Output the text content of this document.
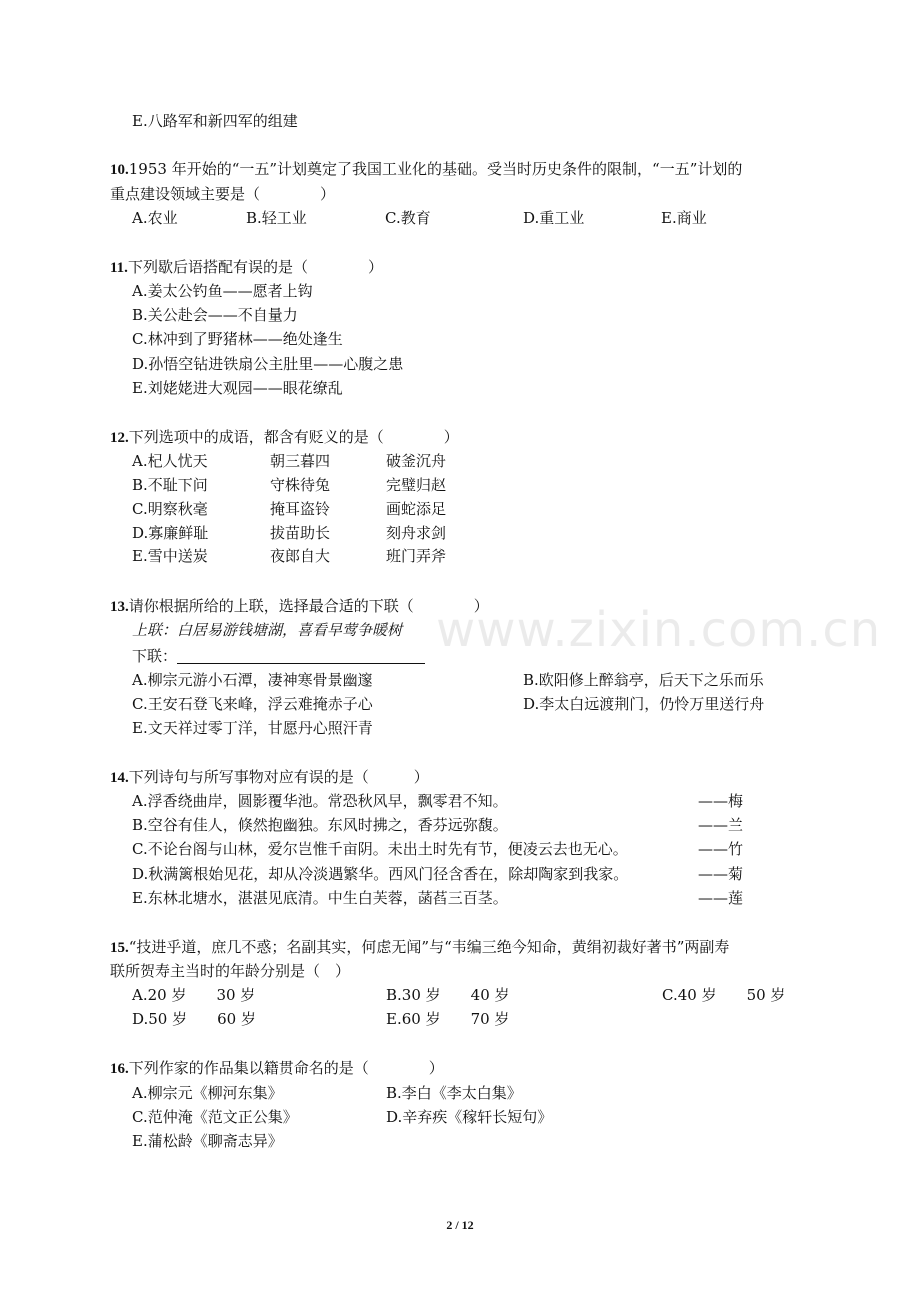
E.八路军和新四军的组建
10.1953 年开始的“一五”计划奠定了我国工业化的基础。受当时历史条件的限制，“一五”计划的
重点建设领域主要是（　　　　）
A.农业	B.轻工业	C.教育	D.重工业	E.商业
11.下列歇后语搭配有误的是（　　　　）
A.姜太公钓鱼——愿者上钩
B.关公赴会——不自量力
C.林冲到了野猪林——绝处逢生
D.孙悟空钻进铁扇公主肚里——心腹之患
E.刘姥姥进大观园——眼花缭乱
12.下列选项中的成语，都含有贬义的是（　　　　）
A.杞人忧天	朝三暮四	破釜沉舟
B.不耻下问	守株待兔	完璧归赵
C.明察秋毫	掩耳盗铃	画蛇添足
D.寡廉鲜耻	拔苗助长	刻舟求剑
E.雪中送炭	夜郎自大	班门弄斧
www.zixin.com.cn
13.请你根据所给的上联，选择最合适的下联（　　　　）
上联：白居易游钱塘湖，喜看早莺争暖树
下联：
A.柳宗元游小石潭，凄神寒骨景幽邃	B.欧阳修上醉翁亭，后天下之乐而乐
C.王安石登飞来峰，浮云难掩赤子心	D.李太白远渡荆门，仍怜万里送行舟
E.文天祥过零丁洋，甘愿丹心照汗青
14.下列诗句与所写事物对应有误的是（　　　）
A.浮香绕曲岸，圆影覆华池。常恐秋风早，飘零君不知。	——梅
B.空谷有佳人，倏然抱幽独。东风时拂之，香芬远弥馥。	——兰
C.不论台阁与山林，爱尔岂惟千亩阴。未出土时先有节，便凌云去也无心。	——竹
D.秋满篱根始见花，却从冷淡遇繁华。西风门径含香在，除却陶家到我家。	——菊
E.东林北塘水，湛湛见底清。中生白芙蓉，菡萏三百茎。	——莲
15.“技进乎道，庶几不惑；名副其实，何虑无闻”与“韦编三绝今知命，黄绢初裁好著书”两副寿
联所贺寿主当时的年龄分别是（　）
A.20 岁　　30 岁	B.30 岁　　40 岁	C.40 岁　　50 岁
D.50 岁　　60 岁	E.60 岁　　70 岁
16.下列作家的作品集以籍贯命名的是（　　　　）
A.柳宗元《柳河东集》	B.李白《李太白集》
C.范仲淹《范文正公集》	D.辛弃疾《稼轩长短句》
E.蒲松龄《聊斋志异》
2 / 12
